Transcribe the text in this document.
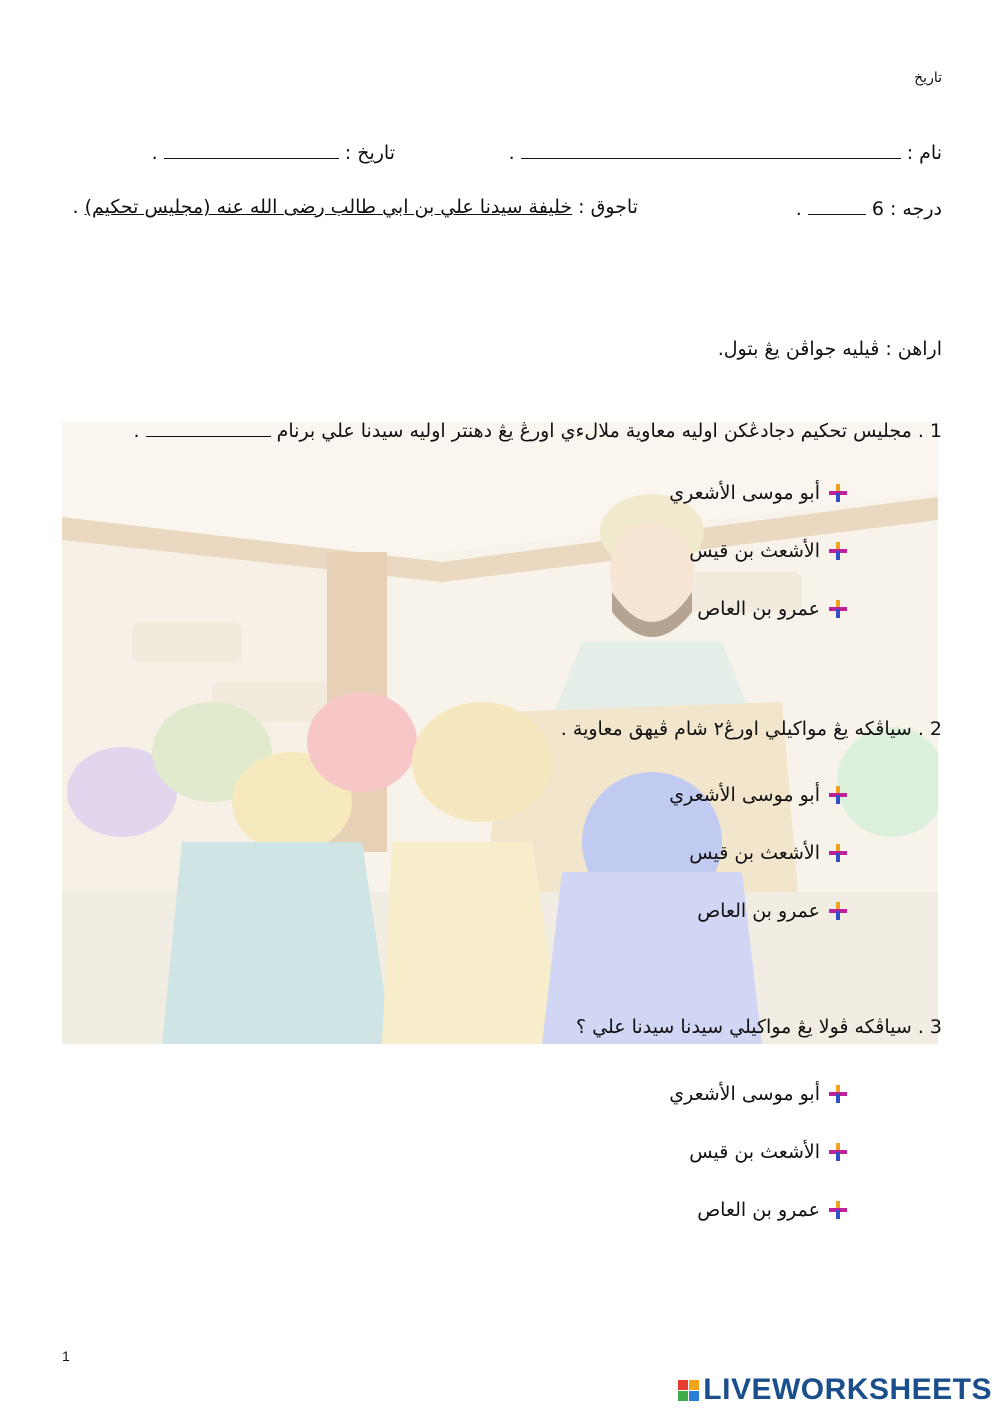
تاريخ
نام :  .
تاريخ :  .
درجه : 6  .
تاجوق : خليفة سيدنا علي بن ابي طالب رضى الله عنه (مجليس تحكيم) .
اراهن : ڤيليه جواڤن يڠ بتول.
1 . مجليس تحكيم دجادڠكن اوليه معاوية ملالءي اورڠ يڠ دهنتر اوليه سيدنا علي برنام  .
أبو موسى الأشعري
الأشعث بن قيس
عمرو بن العاص
2 . سياڤكه يڠ مواكيلي اورڠ٢ شام ڤيهق معاوية .
أبو موسى الأشعري
الأشعث بن قيس
عمرو بن العاص
3 . سياڤكه ڤولا يڠ مواكيلي سيدنا سيدنا علي ؟
أبو موسى الأشعري
الأشعث بن قيس
عمرو بن العاص
1
LIVEWORKSHEETS
